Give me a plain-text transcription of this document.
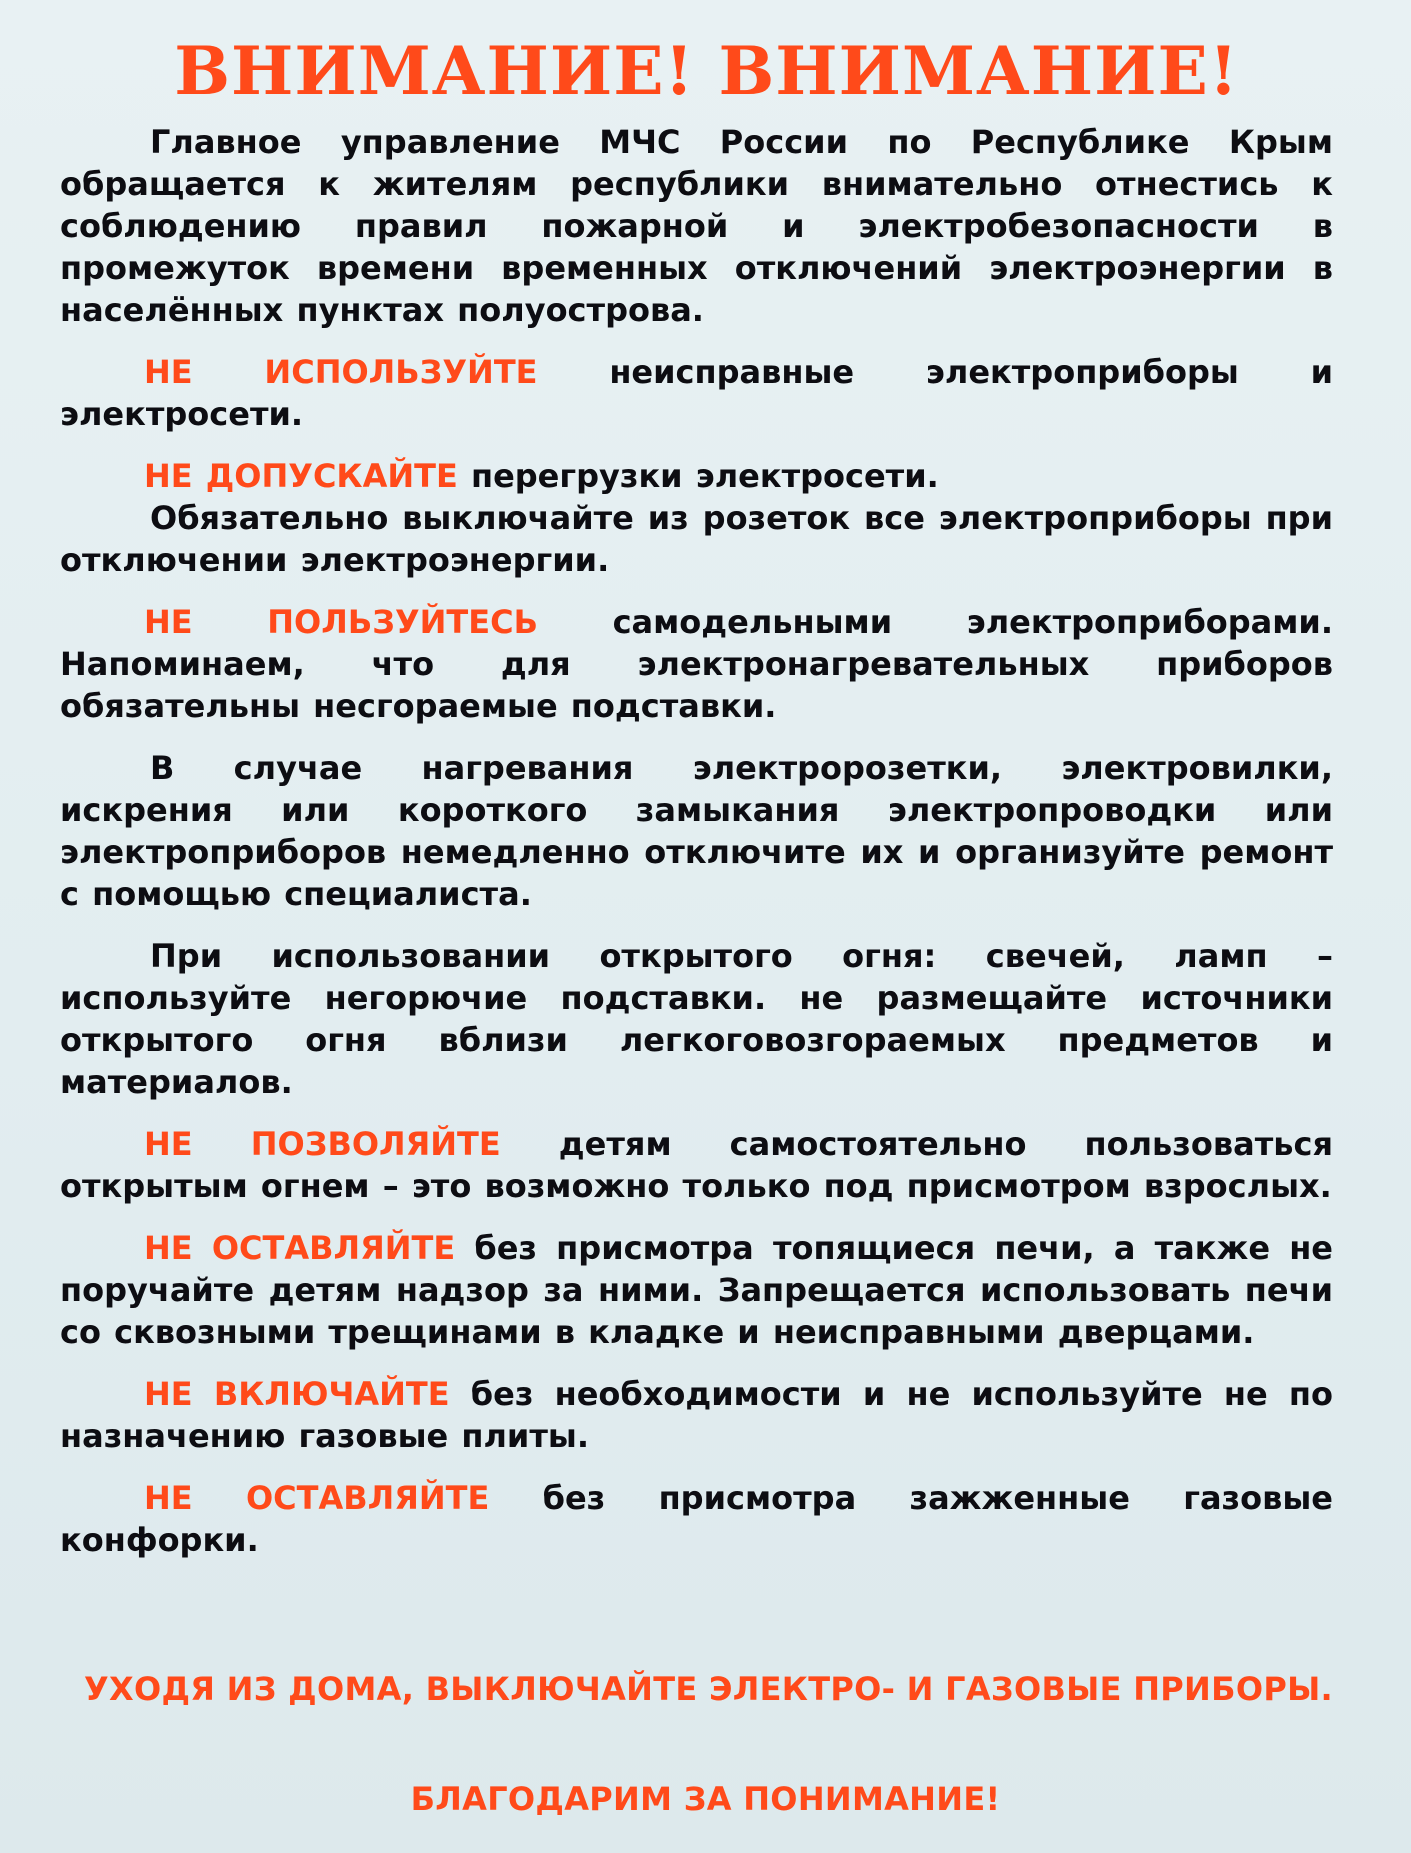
ВНИМАНИЕ! ВНИМАНИЕ!

Главное управление МЧС России по Республике Крым обращается к жителям республики внимательно отнестись к соблюдению правил пожарной и электробезопасности в промежуток времени временных отключений электроэнергии в населённых пунктах полуострова.

НЕ ИСПОЛЬЗУЙТЕ неисправные электроприборы и электросети.

НЕ ДОПУСКАЙТЕ перегрузки электросети.

Обязательно выключайте из розеток все электроприборы при отключении электроэнергии.

НЕ ПОЛЬЗУЙТЕСЬ самодельными электроприборами. Напоминаем, что для электронагревательных приборов обязательны несгораемые подставки.

В случае нагревания электророзетки, электровилки, искрения или короткого замыкания электропроводки или электроприборов немедленно отключите их и организуйте ремонт с помощью специалиста.

При использовании открытого огня: свечей, ламп – используйте негорючие подставки. не размещайте источники открытого огня вблизи легкоговозгораемых предметов и материалов.

НЕ ПОЗВОЛЯЙТЕ детям самостоятельно пользоваться открытым огнем – это возможно только под присмотром взрослых.

НЕ ОСТАВЛЯЙТЕ без присмотра топящиеся печи, а также не поручайте детям надзор за ними. Запрещается использовать печи со сквозными трещинами в кладке и неисправными дверцами.

НЕ ВКЛЮЧАЙТЕ без необходимости и не используйте не по назначению газовые плиты.

НЕ ОСТАВЛЯЙТЕ без присмотра зажженные газовые конфорки.

УХОДЯ ИЗ ДОМА, ВЫКЛЮЧАЙТЕ ЭЛЕКТРО- И ГАЗОВЫЕ ПРИБОРЫ.
БЛАГОДАРИМ ЗА ПОНИМАНИЕ!
